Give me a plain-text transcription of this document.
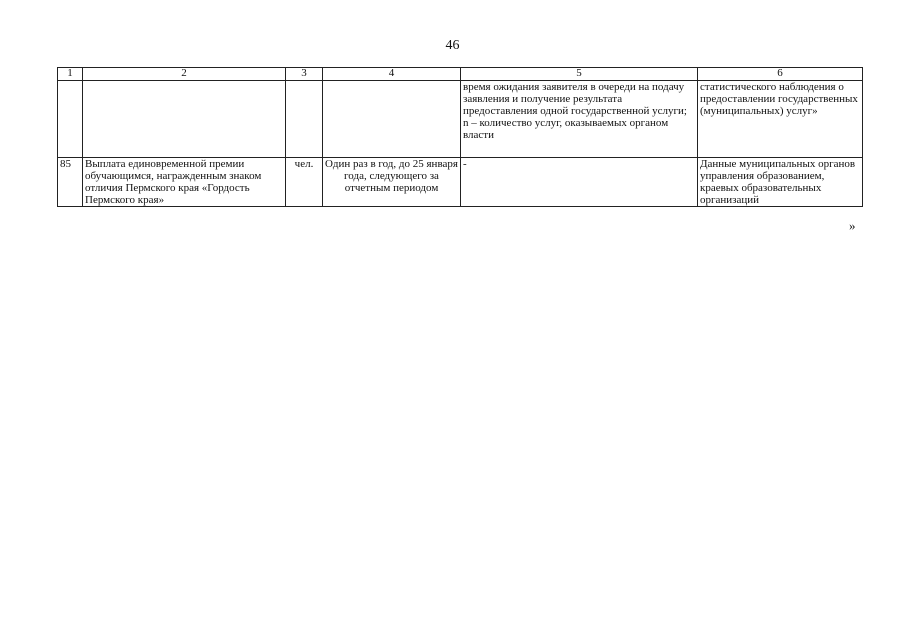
46
1	2	3	4	5	6
				время ожидания заявителя в очереди на подачу заявления и получение результата предоставления одной государственной услуги; n – количество услуг, оказываемых органом власти	статистического наблюдения о предоставлении государственных (муниципальных) услуг»
85	Выплата единовременной премии обучающимся, награжденным знаком отличия Пермского края «Гордость Пермского края»	чел.	Один раз в год, до 25 января года, следующего за отчетным периодом	-	Данные муниципальных органов управления образованием, краевых образовательных организаций
»
